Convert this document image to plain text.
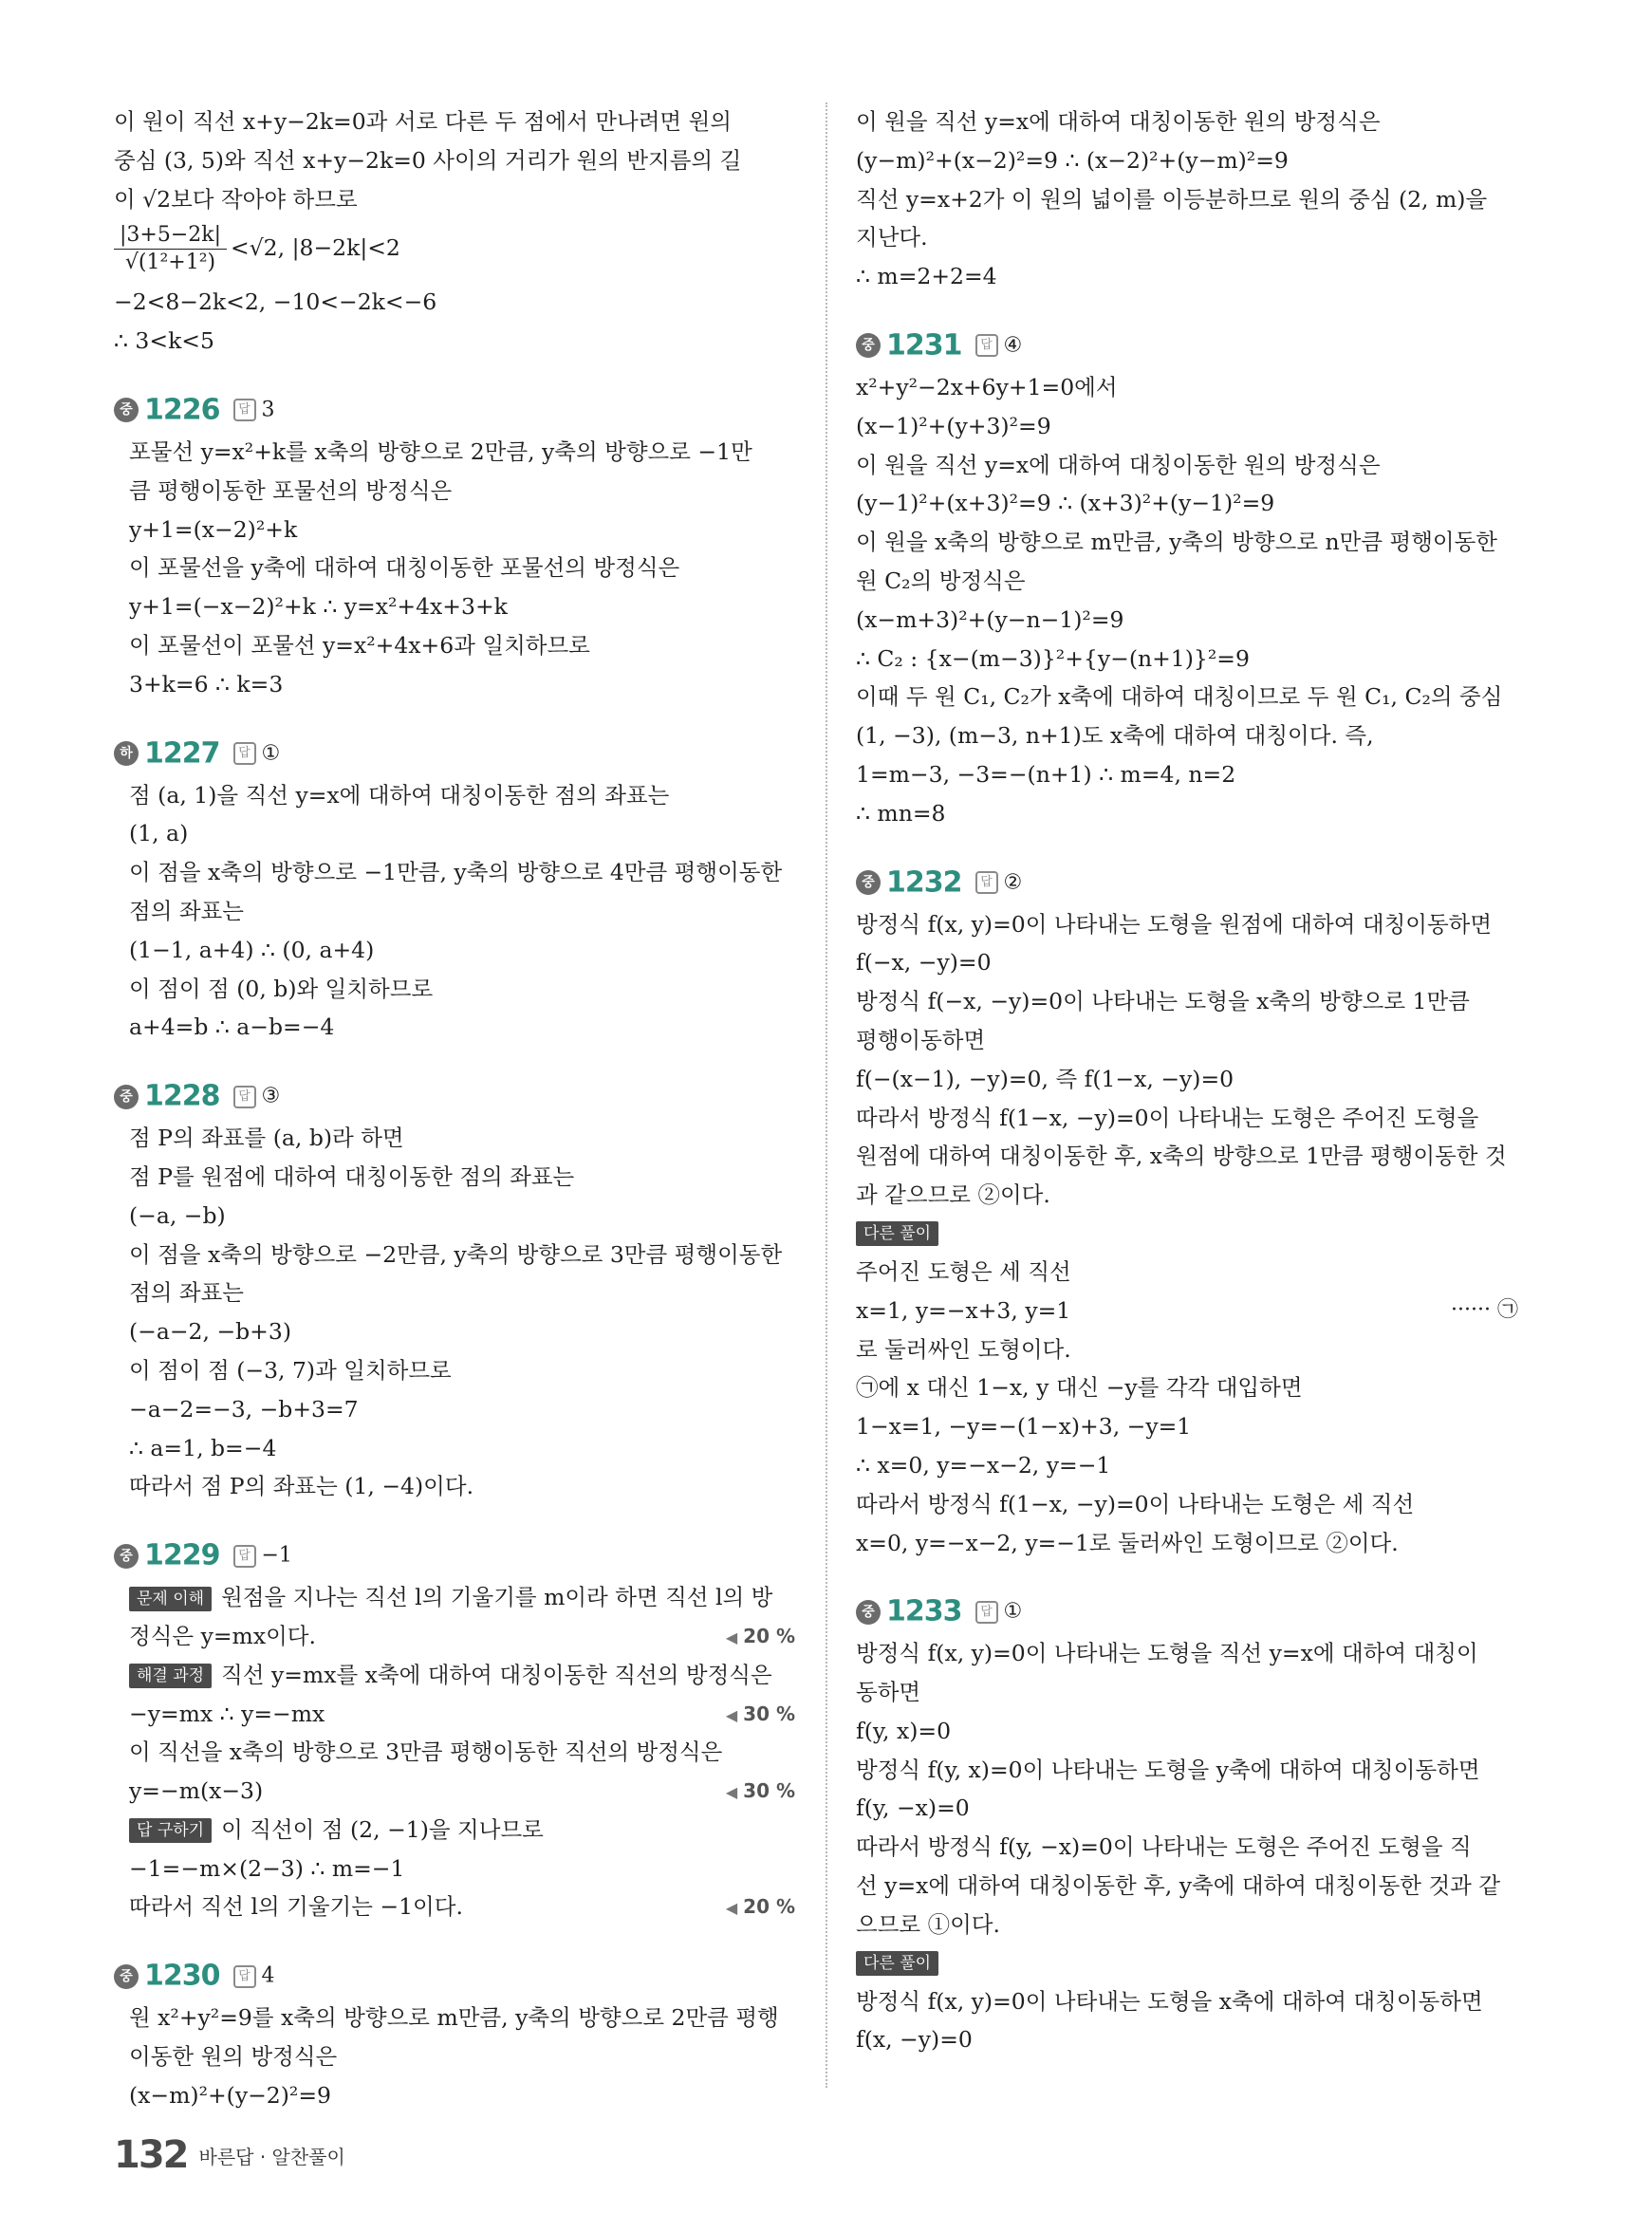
이 원이 직선 x+y−2k=0과 서로 다른 두 점에서 만나려면 원의
중심 (3, 5)와 직선 x+y−2k=0 사이의 거리가 원의 반지름의 길
이 √2보다 작아야 하므로
$\frac{|3+5-2k|}{\text{√(1²+1²)}} <√2$, |8−2k|<2
−2<8−2k<2, −10<−2k<−6
∴ 3<k<5
중 1226 답 3
포물선 y=x²+k를 x축의 방향으로 2만큼, y축의 방향으로 −1만
큼 평행이동한 포물선의 방정식은
y+1=(x−2)²+k
이 포물선을 y축에 대하여 대칭이동한 포물선의 방정식은
y+1=(−x−2)²+k ∴ y=x²+4x+3+k
이 포물선이 포물선 y=x²+4x+6과 일치하므로
3+k=6 ∴ k=3
하 1227 답 ①
점 (a, 1)을 직선 y=x에 대하여 대칭이동한 점의 좌표는
(1, a)
이 점을 x축의 방향으로 −1만큼, y축의 방향으로 4만큼 평행이동한
점의 좌표는
(1−1, a+4) ∴ (0, a+4)
이 점이 점 (0, b)와 일치하므로
a+4=b ∴ a−b=−4
중 1228 답 ③
점 P의 좌표를 (a, b)라 하면
점 P를 원점에 대하여 대칭이동한 점의 좌표는
(−a, −b)
이 점을 x축의 방향으로 −2만큼, y축의 방향으로 3만큼 평행이동한
점의 좌표는
(−a−2, −b+3)
이 점이 점 (−3, 7)과 일치하므로
−a−2=−3, −b+3=7
∴ a=1, b=−4
따라서 점 P의 좌표는 (1, −4)이다.
중 1229 답 −1
문제 이해 원점을 지나는 직선 l의 기울기를 m이라 하면 직선 l의 방
정식은 y=mx이다.	◀ 20 %
해결 과정 직선 y=mx를 x축에 대하여 대칭이동한 직선의 방정식은
−y=mx ∴ y=−mx	◀ 30 %
이 직선을 x축의 방향으로 3만큼 평행이동한 직선의 방정식은
y=−m(x−3)	◀ 30 %
답 구하기 이 직선이 점 (2, −1)을 지나므로
−1=−m×(2−3) ∴ m=−1
따라서 직선 l의 기울기는 −1이다.	◀ 20 %
중 1230 답 4
원 x²+y²=9를 x축의 방향으로 m만큼, y축의 방향으로 2만큼 평행
이동한 원의 방정식은
(x−m)²+(y−2)²=9
이 원을 직선 y=x에 대하여 대칭이동한 원의 방정식은
(y−m)²+(x−2)²=9 ∴ (x−2)²+(y−m)²=9
직선 y=x+2가 이 원의 넓이를 이등분하므로 원의 중심 (2, m)을
지난다.
∴ m=2+2=4
중 1231 답 ④
x²+y²−2x+6y+1=0에서
(x−1)²+(y+3)²=9
이 원을 직선 y=x에 대하여 대칭이동한 원의 방정식은
(y−1)²+(x+3)²=9 ∴ (x+3)²+(y−1)²=9
이 원을 x축의 방향으로 m만큼, y축의 방향으로 n만큼 평행이동한
원 C₂의 방정식은
(x−m+3)²+(y−n−1)²=9
∴ C₂ : {x−(m−3)}²+{y−(n+1)}²=9
이때 두 원 C₁, C₂가 x축에 대하여 대칭이므로 두 원 C₁, C₂의 중심
(1, −3), (m−3, n+1)도 x축에 대하여 대칭이다. 즉,
1=m−3, −3=−(n+1) ∴ m=4, n=2
∴ mn=8
중 1232 답 ②
방정식 f(x, y)=0이 나타내는 도형을 원점에 대하여 대칭이동하면
f(−x, −y)=0
방정식 f(−x, −y)=0이 나타내는 도형을 x축의 방향으로 1만큼
평행이동하면
f(−(x−1), −y)=0, 즉 f(1−x, −y)=0
따라서 방정식 f(1−x, −y)=0이 나타내는 도형은 주어진 도형을
원점에 대하여 대칭이동한 후, x축의 방향으로 1만큼 평행이동한 것
과 같으므로 ②이다.
다른 풀이
주어진 도형은 세 직선
x=1, y=−x+3, y=1	······ ㉠
로 둘러싸인 도형이다.
㉠에 x 대신 1−x, y 대신 −y를 각각 대입하면
1−x=1, −y=−(1−x)+3, −y=1
∴ x=0, y=−x−2, y=−1
따라서 방정식 f(1−x, −y)=0이 나타내는 도형은 세 직선
x=0, y=−x−2, y=−1로 둘러싸인 도형이므로 ②이다.
중 1233 답 ①
방정식 f(x, y)=0이 나타내는 도형을 직선 y=x에 대하여 대칭이
동하면
f(y, x)=0
방정식 f(y, x)=0이 나타내는 도형을 y축에 대하여 대칭이동하면
f(y, −x)=0
따라서 방정식 f(y, −x)=0이 나타내는 도형은 주어진 도형을 직
선 y=x에 대하여 대칭이동한 후, y축에 대하여 대칭이동한 것과 같
으므로 ①이다.
다른 풀이
방정식 f(x, y)=0이 나타내는 도형을 x축에 대하여 대칭이동하면
f(x, −y)=0
132 바른답 · 알찬풀이
